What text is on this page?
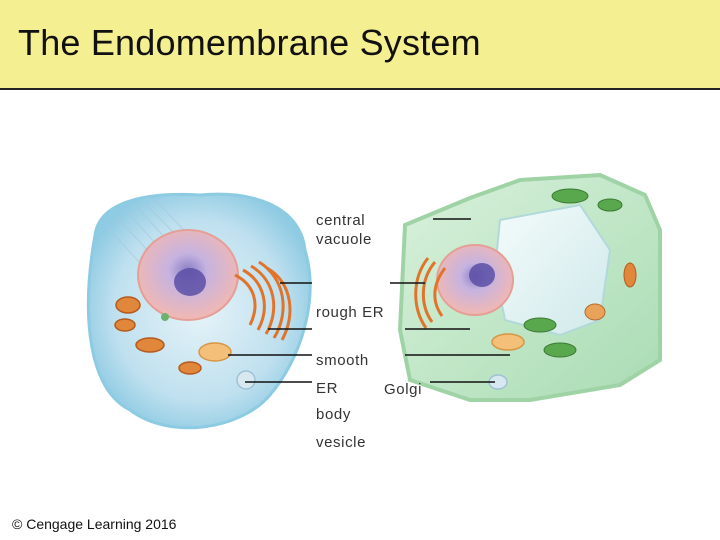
The Endomembrane System
central
vacuole
rough ER
smooth
ER	Golgi
body
vesicle
© Cengage Learning 2016
